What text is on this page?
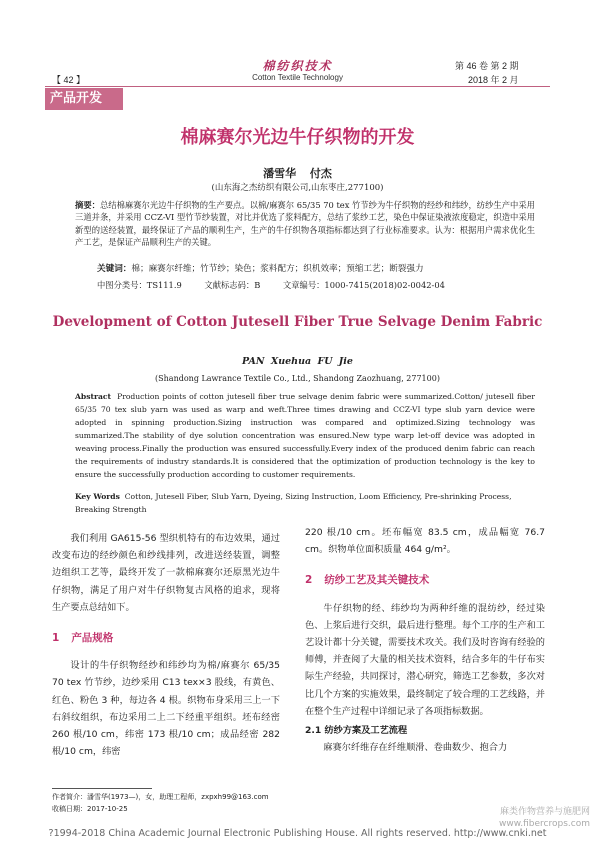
棉纺织技术
Cotton Textile Technology
【 42 】
第 46 卷 第 2 期
2018 年 2 月
产品开发
棉麻赛尔光边牛仔织物的开发
潘雪华 付杰
(山东海之杰纺织有限公司,山东枣庄,277100)
摘要：总结棉麻赛尔光边牛仔织物的生产要点。以棉/麻赛尔 65/35 70 tex 竹节纱为牛仔织物的经纱和纬纱，纺纱生产中采用三道并条，并采用 CCZ-VI 型竹节纱装置，对比并优选了浆料配方，总结了浆纱工艺，染色中保证染液浓度稳定，织造中采用新型的送经装置，最终保证了产品的顺利生产，生产的牛仔织物各项指标都达到了行业标准要求。认为：根据用户需求优化生产工艺，是保证产品顺利生产的关键。
关键词：棉；麻赛尔纤维；竹节纱；染色；浆料配方；织机效率；预缩工艺；断裂强力
中图分类号：TS111.9	文献标志码：B	文章编号：1000-7415(2018)02-0042-04
Development of Cotton Jutesell Fiber True Selvage Denim Fabric
PAN Xuehua FU Jie
(Shandong Lawrance Textile Co., Ltd., Shandong Zaozhuang, 277100)
Abstract Production points of cotton jutesell fiber true selvage denim fabric were summarized.Cotton/ jutesell fiber 65/35 70 tex slub yarn was used as warp and weft.Three times drawing and CCZ-VI type slub yarn device were adopted in spinning production.Sizing instruction was compared and optimized.Sizing technology was summarized.The stability of dye solution concentration was ensured.New type warp let-off device was adopted in weaving process.Finally the production was ensured successfully.Every index of the produced denim fabric can reach the requirements of industry standards.It is considered that the optimization of production technology is the key to ensure the successfully production according to customer requirements.
Key Words Cotton, Jutesell Fiber, Slub Yarn, Dyeing, Sizing Instruction, Loom Efficiency, Pre-shrinking Process, Breaking Strength

我们利用 GA615-56 型织机特有的布边效果，通过改变布边的经纱颜色和纱线排列，改进送经装置，调整边组织工艺等，最终开发了一款棉麻赛尔还原黑光边牛仔织物，满足了用户对牛仔织物复古风格的追求，现将生产要点总结如下。

1 产品规格

设计的牛仔织物经纱和纬纱均为棉/麻赛尔 65/35 70 tex 竹节纱，边纱采用 C13 tex×3 股线，有黄色、红色、粉色 3 种，每边各 4 根。织物布身采用三上一下右斜纹组织，布边采用二上二下经重平组织。坯布经密 260 根/10 cm，纬密 173 根/10 cm；成品经密 282 根/10 cm，纬密

220 根/10 cm。坯布幅宽 83.5 cm，成品幅宽 76.7 cm。织物单位面积质量 464 g/m²。

2 纺纱工艺及其关键技术

牛仔织物的经、纬纱均为两种纤维的混纺纱，经过染色、上浆后进行交织，最后进行整理。每个工序的生产和工艺设计都十分关键，需要技术攻关。我们及时咨询有经验的师傅，并查阅了大量的相关技术资料，结合多年的牛仔布实际生产经验，共同探讨，潜心研究，筛选工艺参数，多次对比几个方案的实施效果，最终制定了较合理的工艺线路，并在整个生产过程中详细记录了各项指标数据。

2.1 纺纱方案及工艺流程

麻赛尔纤维存在纤维顺滑、卷曲数少、抱合力

作者简介：潘雪华(1973—)，女，助理工程师，zxpxh99@163.com
收稿日期：2017-10-25	麻类作物营养与施肥网
www.fibercrops.com
?1994-2018 China Academic Journal Electronic Publishing House. All rights reserved. http://www.cnki.net
